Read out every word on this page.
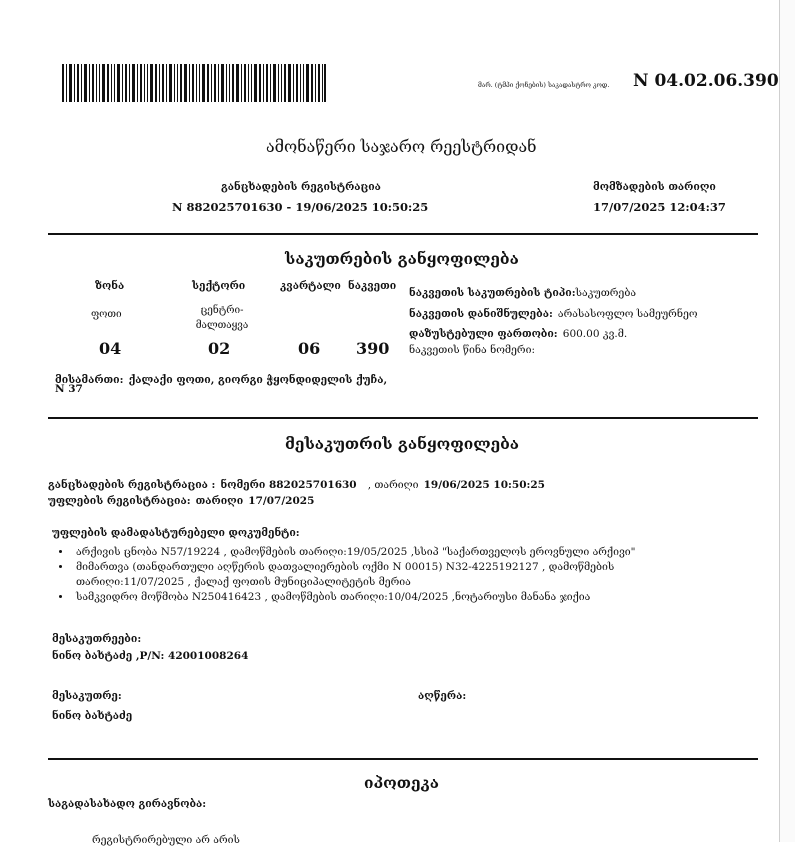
მარ. (ტმპი ქონების) საკადასტრო კოდ. N 04.02.06.390
ამონაწერი საჯარო რეესტრიდან
განცხადების რეგისტრაცია
N 882025701630 - 19/06/2025 10:50:25
მომზადების თარიღი
17/07/2025 12:04:37
საკუთრების განყოფილება
ზონა	სექტორი	კვარტალი ნაკვეთი
ფოთი	ცენტრი-
მალთაყვა
04	02	06 390
ნაკვეთის საკუთრების ტიპი:საკუთრება
ნაკვეთის დანიშნულება: არასასოფლო სამეურნეო
დაზუსტებული ფართობი: 600.00 კვ.მ.
ნაკვეთის წინა ნომერი:
მისამართი: ქალაქი ფოთი, გიორგი ჭყონდიდელის ქუჩა,
N 37
მესაკუთრის განყოფილება
განცხადების რეგისტრაცია : ნომერი 882025701630 , თარიღი 19/06/2025 10:50:25
უფლების რეგისტრაცია: თარიღი 17/07/2025
უფლების დამადასტურებელი დოკუმენტი:
• არქივის ცნობა N57/19224 , დამოწმების თარიღი:19/05/2025 ,სსიპ "საქართველოს ეროვნული არქივი"
• მიმართვა (თანდართული აღწერის დათვალიერების ოქმი N 00015) N32-4225192127 , დამოწმების თარიღი:11/07/2025 , ქალაქ ფოთის მუნიციპალიტეტის მერია
• სამკვიდრო მოწმობა N250416423 , დამოწმების თარიღი:10/04/2025 ,ნოტარიუსი მანანა ჯიქია
მესაკუთრეები:
ნინო ბახტაძე ,P/N: 42001008264
მესაკუთრე:
ნინო ბახტაძე
აღწერა:
იპოთეკა
საგადასახადო გირავნობა:
რეგისტრირებული არ არის
